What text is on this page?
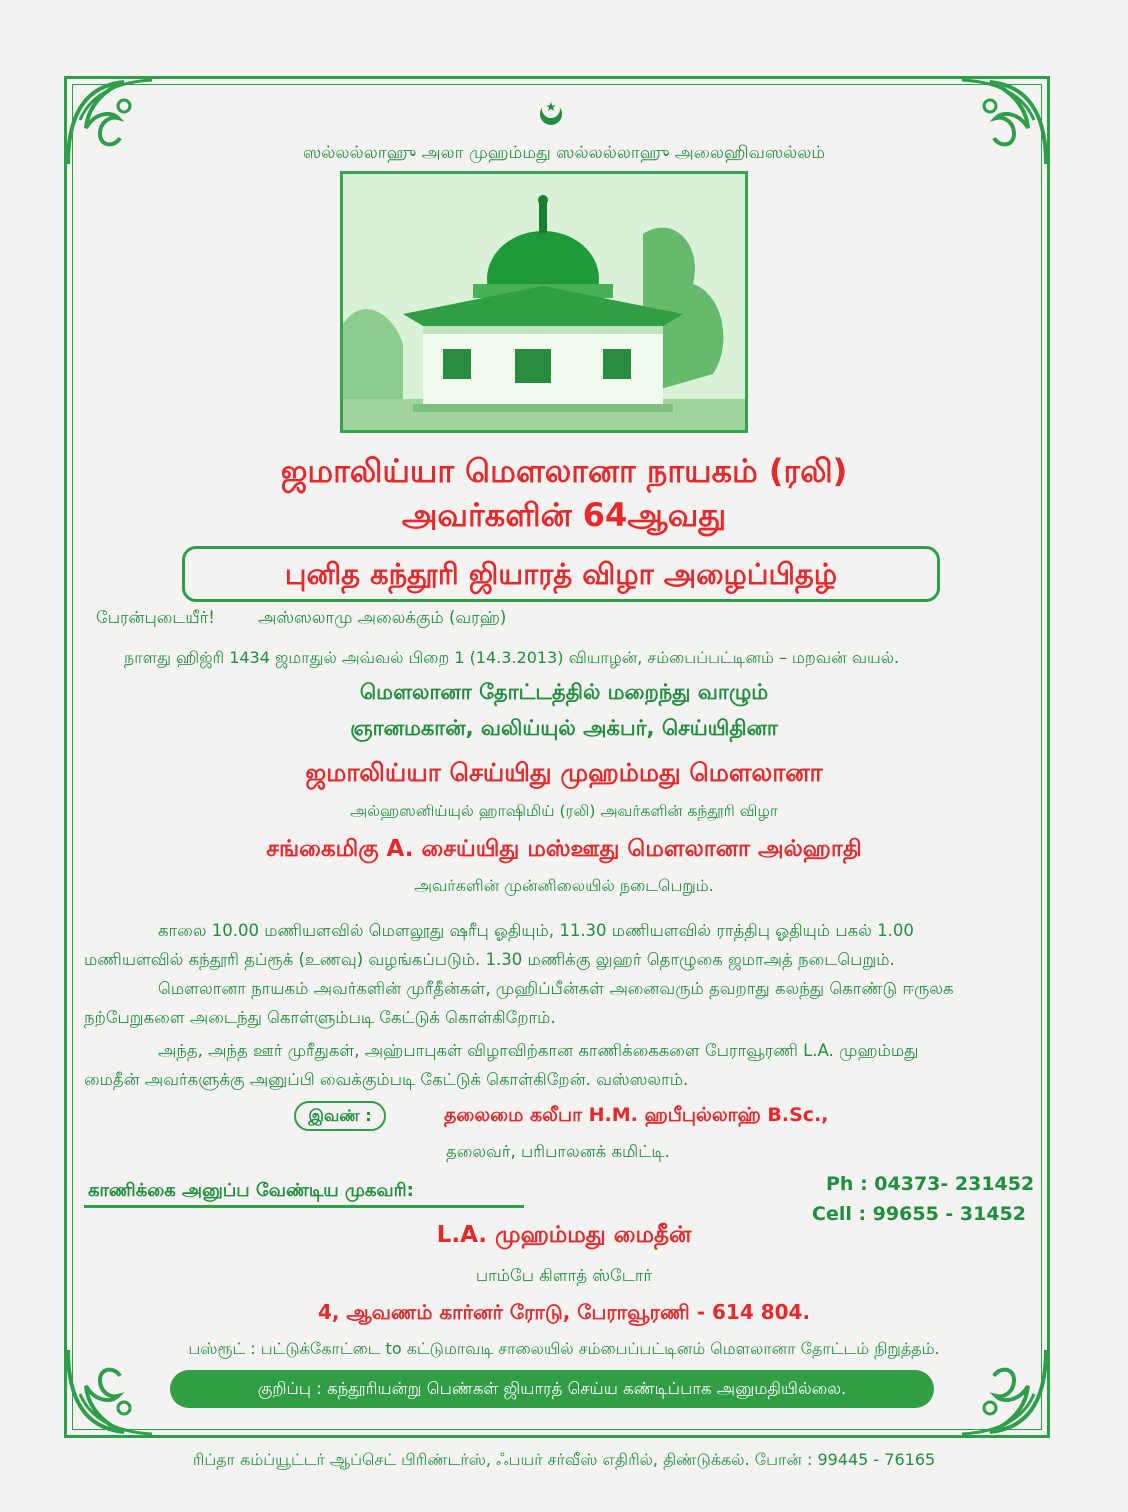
ஸல்லல்லாஹு அலா முஹம்மது ஸல்லல்லாஹு அலைஹிவஸல்லம்
ஜமாலிய்யா மௌலானா நாயகம் (ரலி)
அவர்களின் 64ஆவது
புனித கந்தூரி ஜியாரத் விழா அழைப்பிதழ்
பேரன்புடையீர்!	அஸ்ஸலாமு அலைக்கும் (வரஹ்)
நாளது ஹிஜ்ரி 1434 ஜமாதுல் அவ்வல் பிறை 1 (14.3.2013) வியாழன், சம்பைப்பட்டினம் – மறவன் வயல்.
மௌலானா தோட்டத்தில் மறைந்து வாழும்
ஞானமகான், வலிய்யுல் அக்பர், செய்யிதினா
ஜமாலிய்யா செய்யிது முஹம்மது மௌலானா
அல்ஹஸனிய்யுல் ஹாஷிமிய் (ரலி) அவர்களின் கந்தூரி விழா
சங்கைமிகு A. சைய்யிது மஸ்ஊது மௌலானா அல்ஹாதி
அவர்களின் முன்னிலையில் நடைபெறும்.
காலை 10.00 மணியளவில் மௌலூது ஷரீபு ஓதியும், 11.30 மணியளவில் ராத்திபு ஓதியும் பகல் 1.00
மணியளவில் கந்தூரி தப்ரூக் (உணவு) வழங்கப்படும். 1.30 மணிக்கு லுஹர் தொழுகை ஜமாஅத் நடைபெறும்.
மௌலானா நாயகம் அவர்களின் முரீதீன்கள், முஹிப்பீன்கள் அனைவரும் தவறாது கலந்து கொண்டு ஈருலக
நற்பேறுகளை அடைந்து கொள்ளும்படி கேட்டுக் கொள்கிறோம்.
அந்த, அந்த ஊர் முரீதுகள், அஹ்பாபுகள் விழாவிற்கான காணிக்கைகளை பேராவூரணி L.A. முஹம்மது
மைதீன் அவர்களுக்கு அனுப்பி வைக்கும்படி கேட்டுக் கொள்கிறேன். வஸ்ஸலாம்.
இவண் :	தலைமை கலீபா H.M. ஹபீபுல்லாஹ் B.Sc.,
தலைவர், பரிபாலனக் கமிட்டி.
காணிக்கை அனுப்ப வேண்டிய முகவரி:	Ph : 04373- 231452
Cell : 99655 - 31452
L.A. முஹம்மது மைதீன்
பாம்பே கிளாத் ஸ்டோர்
4, ஆவணம் கார்னர் ரோடு, பேராவூரணி - 614 804.
பஸ்ரூட் : பட்டுக்கோட்டை to கட்டுமாவடி சாலையில் சம்பைப்பட்டினம் மௌலானா தோட்டம் நிறுத்தம்.
குறிப்பு : கந்தூரியன்று பெண்கள் ஜியாரத் செய்ய கண்டிப்பாக அனுமதியில்லை.
ரிப்தா கம்ப்யூட்டர் ஆப்செட் பிரிண்டர்ஸ், ஃபயர் சர்வீஸ் எதிரில், திண்டுக்கல். போன் : 99445 - 76165
